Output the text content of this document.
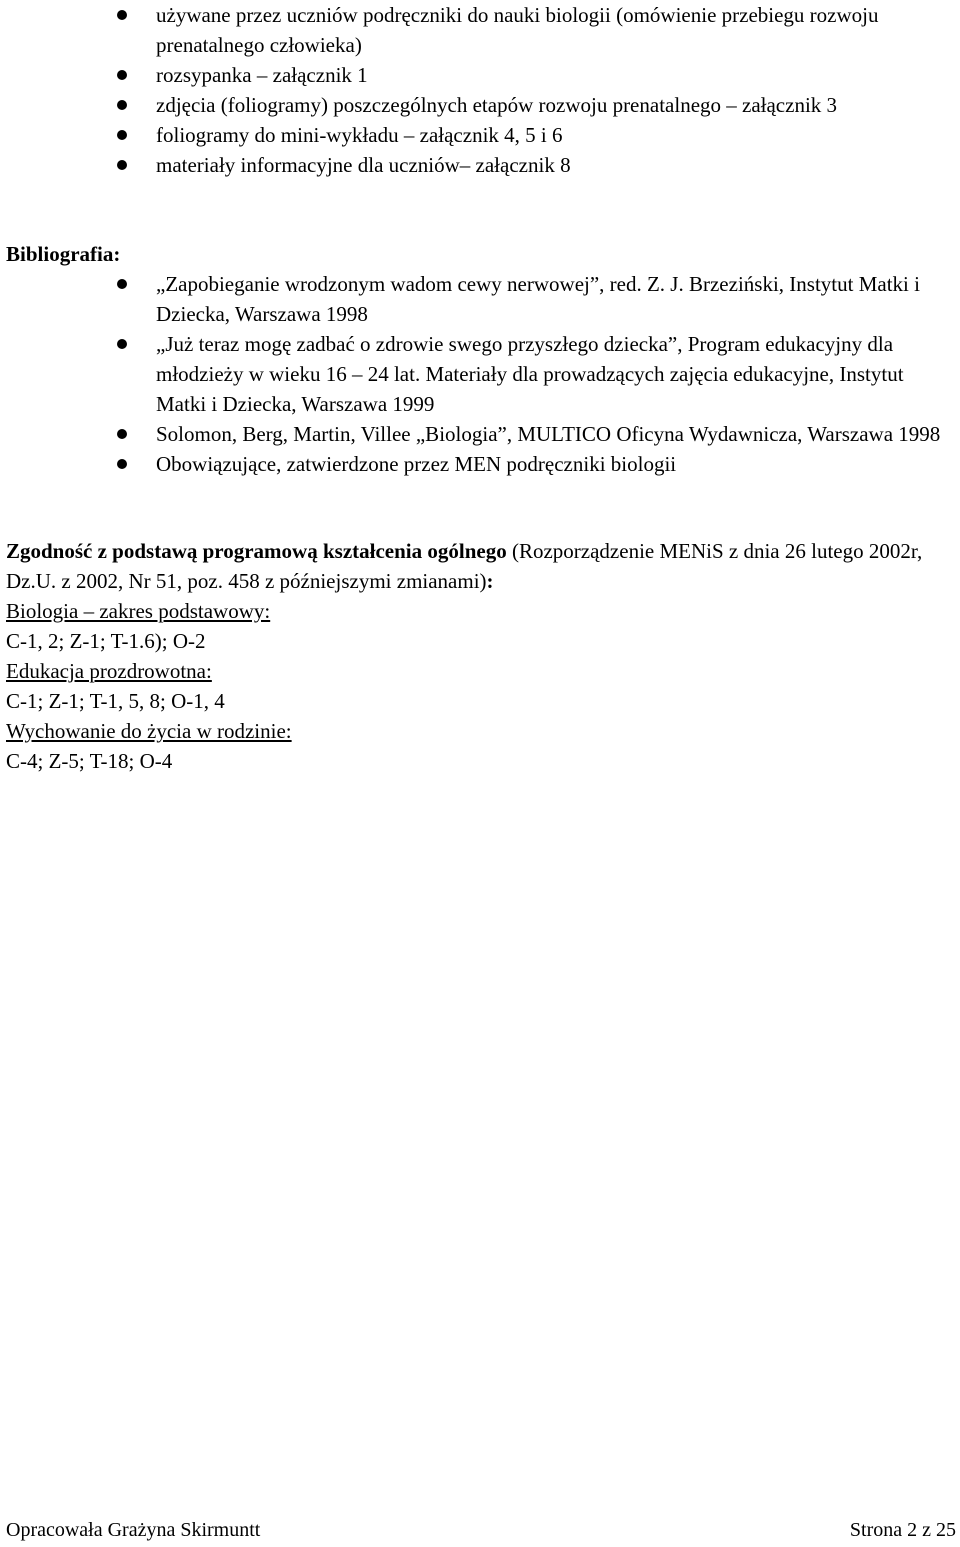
używane przez uczniów podręczniki do nauki biologii (omówienie przebiegu rozwoju prenatalnego człowieka)
rozsypanka – załącznik 1
zdjęcia (foliogramy) poszczególnych etapów rozwoju prenatalnego – załącznik 3
foliogramy do mini-wykładu – załącznik 4, 5 i 6
materiały informacyjne dla uczniów– załącznik 8
Bibliografia:
„Zapobieganie wrodzonym wadom cewy nerwowej”, red. Z. J. Brzeziński, Instytut Matki i Dziecka, Warszawa 1998
„Już teraz mogę zadbać o zdrowie swego przyszłego dziecka”, Program edukacyjny dla młodzieży w wieku 16 – 24 lat. Materiały dla prowadzących zajęcia edukacyjne, Instytut Matki i Dziecka, Warszawa 1999
Solomon, Berg, Martin, Villee „Biologia”, MULTICO Oficyna Wydawnicza, Warszawa 1998
Obowiązujące, zatwierdzone przez MEN podręczniki biologii
Zgodność z podstawą programową kształcenia ogólnego (Rozporządzenie MENiS z dnia 26 lutego 2002r, Dz.U. z 2002, Nr 51, poz. 458 z późniejszymi zmianami):
Biologia – zakres podstawowy:
C-1, 2; Z-1; T-1.6); O-2
Edukacja prozdrowotna:
C-1; Z-1; T-1, 5, 8; O-1, 4
Wychowanie do życia w rodzinie:
C-4; Z-5; T-18; O-4
Opracowała Grażyna Skirmuntt	Strona 2 z 25
